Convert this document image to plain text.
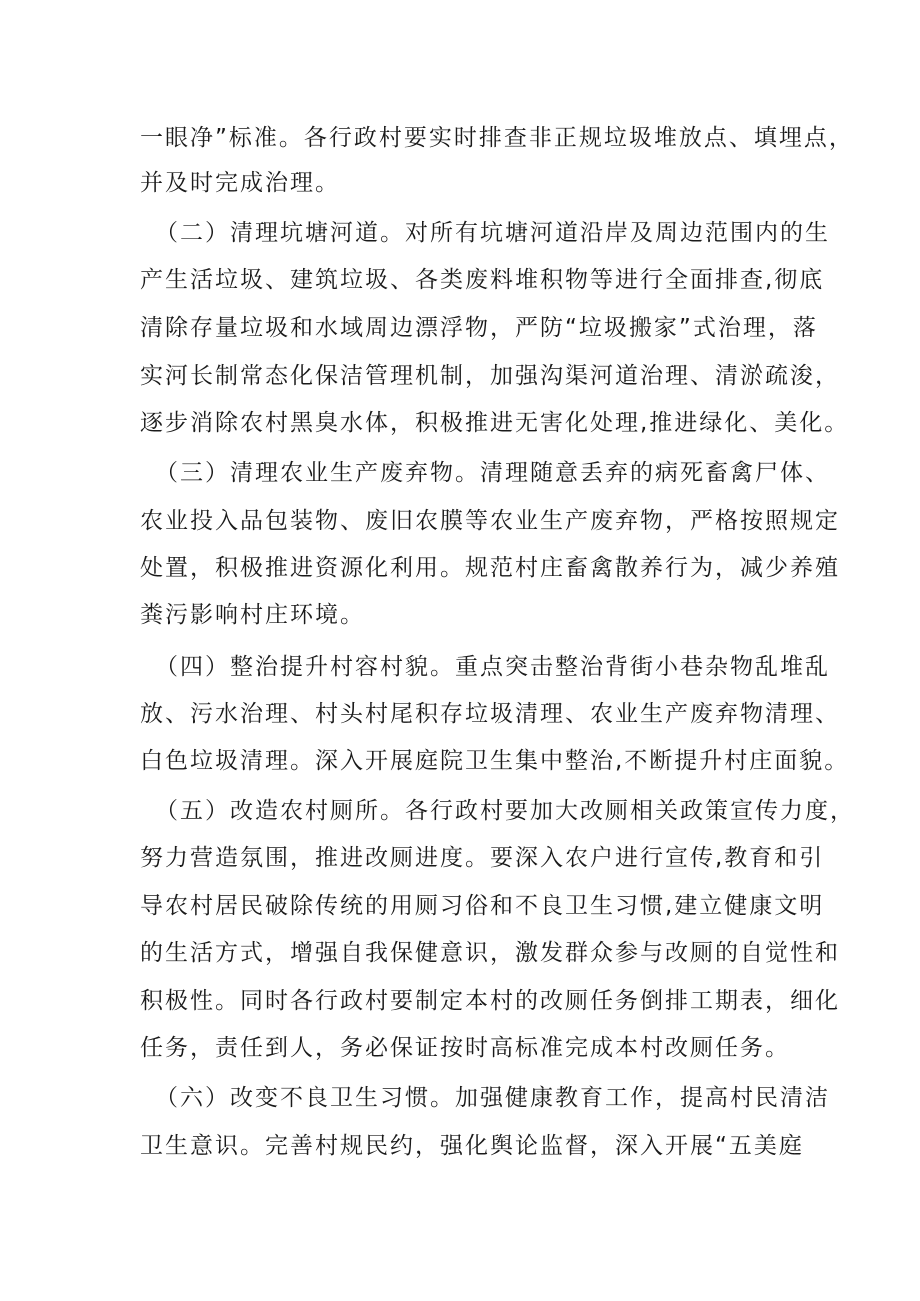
一眼净”标准。各行政村要实时排查非正规垃圾堆放点、填埋点，
并及时完成治理。
（二）清理坑塘河道。对所有坑塘河道沿岸及周边范围内的生
产生活垃圾、建筑垃圾、各类废料堆积物等进行全面排查,彻底
清除存量垃圾和水域周边漂浮物，严防“垃圾搬家”式治理，落
实河长制常态化保洁管理机制，加强沟渠河道治理、清淤疏浚，
逐步消除农村黑臭水体，积极推进无害化处理,推进绿化、美化。
（三）清理农业生产废弃物。清理随意丢弃的病死畜禽尸体、
农业投入品包装物、废旧农膜等农业生产废弃物，严格按照规定
处置，积极推进资源化利用。规范村庄畜禽散养行为，减少养殖
粪污影响村庄环境。
（四）整治提升村容村貌。重点突击整治背街小巷杂物乱堆乱
放、污水治理、村头村尾积存垃圾清理、农业生产废弃物清理、
白色垃圾清理。深入开展庭院卫生集中整治,不断提升村庄面貌。
（五）改造农村厕所。各行政村要加大改厕相关政策宣传力度，
努力营造氛围，推进改厕进度。要深入农户进行宣传,教育和引
导农村居民破除传统的用厕习俗和不良卫生习惯,建立健康文明
的生活方式，增强自我保健意识，激发群众参与改厕的自觉性和
积极性。同时各行政村要制定本村的改厕任务倒排工期表，细化
任务，责任到人，务必保证按时高标准完成本村改厕任务。
（六）改变不良卫生习惯。加强健康教育工作，提高村民清洁
卫生意识。完善村规民约，强化舆论监督，深入开展“五美庭
